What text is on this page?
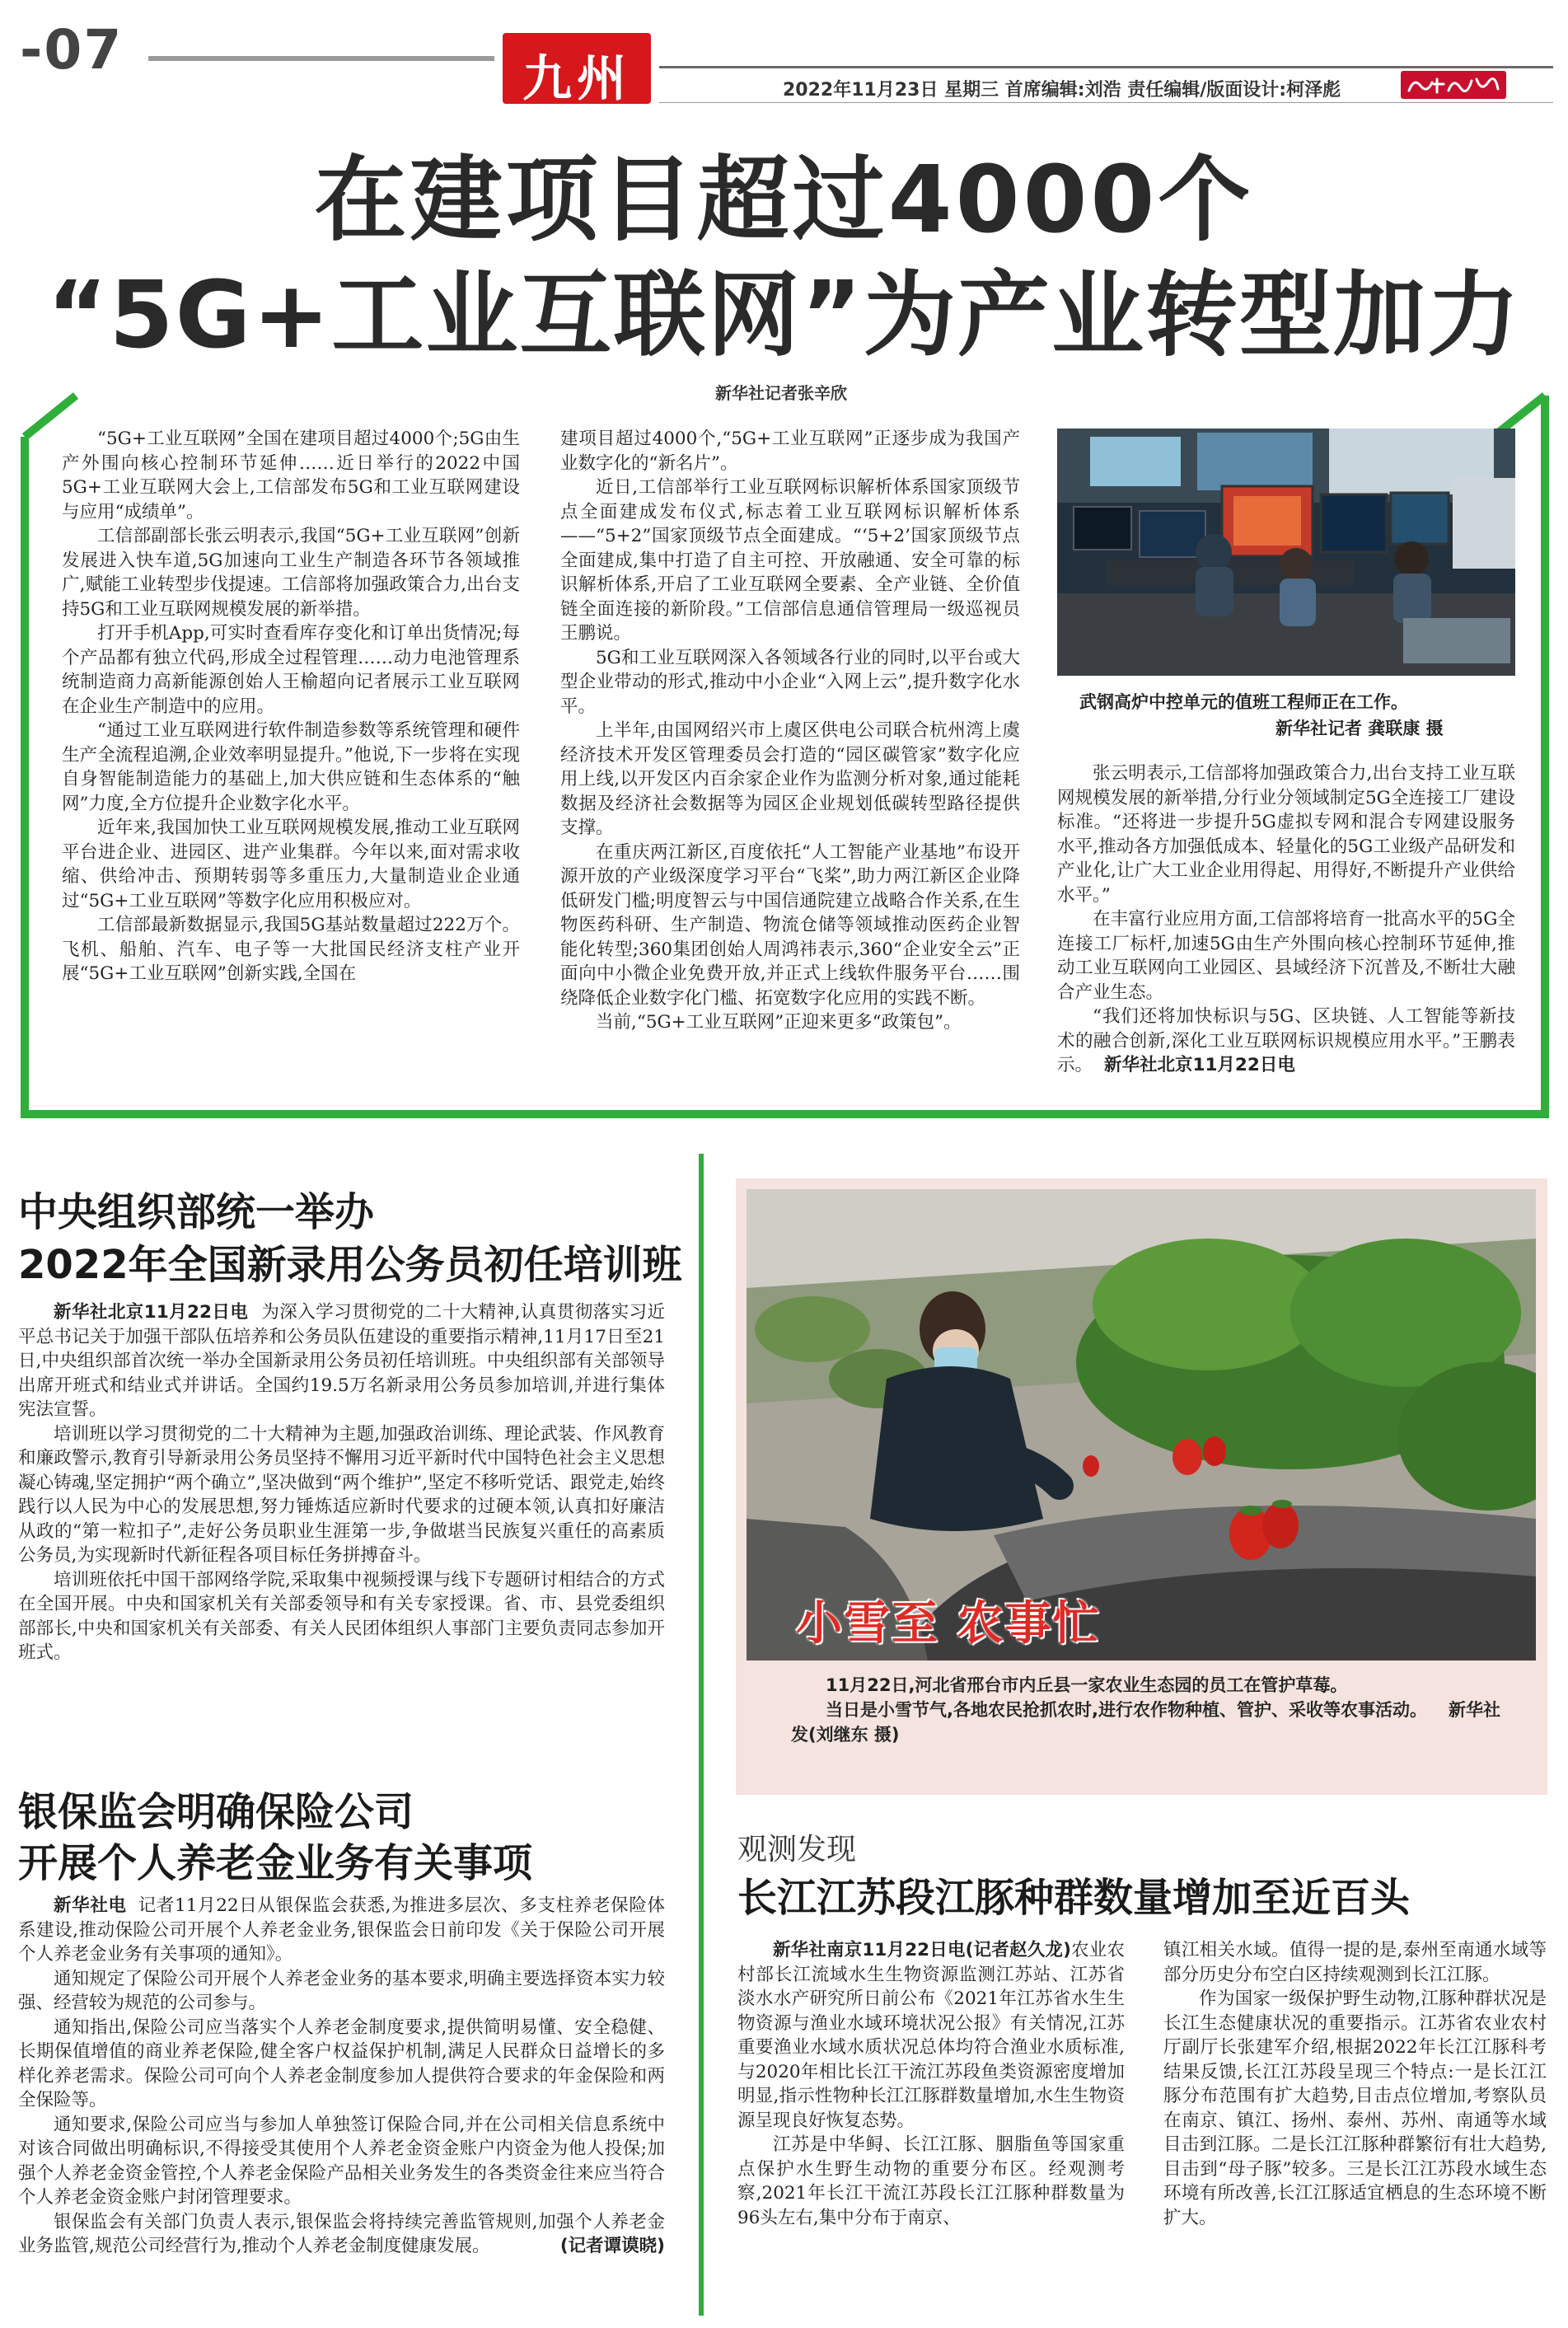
-07	九州	2022年11月23日 星期三 首席编辑:刘浩 责任编辑/版面设计:柯泽彪
在建项目超过4000个
“5G+工业互联网”为产业转型加力
新华社记者张辛欣

“5G+工业互联网”全国在建项目超过4000个;5G由生产外围向核心控制环节延伸……近日举行的2022中国5G+工业互联网大会上,工信部发布5G和工业互联网建设与应用“成绩单”。

工信部副部长张云明表示,我国“5G+工业互联网”创新发展进入快车道,5G加速向工业生产制造各环节各领域推广,赋能工业转型步伐提速。工信部将加强政策合力,出台支持5G和工业互联网规模发展的新举措。

打开手机App,可实时查看库存变化和订单出货情况;每个产品都有独立代码,形成全过程管理……动力电池管理系统制造商力高新能源创始人王榆超向记者展示工业互联网在企业生产制造中的应用。

“通过工业互联网进行软件制造参数等系统管理和硬件生产全流程追溯,企业效率明显提升。”他说,下一步将在实现自身智能制造能力的基础上,加大供应链和生态体系的“触网”力度,全方位提升企业数字化水平。

近年来,我国加快工业互联网规模发展,推动工业互联网平台进企业、进园区、进产业集群。今年以来,面对需求收缩、供给冲击、预期转弱等多重压力,大量制造业企业通过“5G+工业互联网”等数字化应用积极应对。

工信部最新数据显示,我国5G基站数量超过222万个。飞机、船舶、汽车、电子等一大批国民经济支柱产业开展“5G+工业互联网”创新实践,全国在

建项目超过4000个,“5G+工业互联网”正逐步成为我国产业数字化的“新名片”。

近日,工信部举行工业互联网标识解析体系国家顶级节点全面建成发布仪式,标志着工业互联网标识解析体系——“5+2”国家顶级节点全面建成。“‘5+2’国家顶级节点全面建成,集中打造了自主可控、开放融通、安全可靠的标识解析体系,开启了工业互联网全要素、全产业链、全价值链全面连接的新阶段。”工信部信息通信管理局一级巡视员王鹏说。

5G和工业互联网深入各领域各行业的同时,以平台或大型企业带动的形式,推动中小企业“入网上云”,提升数字化水平。

上半年,由国网绍兴市上虞区供电公司联合杭州湾上虞经济技术开发区管理委员会打造的“园区碳管家”数字化应用上线,以开发区内百余家企业作为监测分析对象,通过能耗数据及经济社会数据等为园区企业规划低碳转型路径提供支撑。

在重庆两江新区,百度依托“人工智能产业基地”布设开源开放的产业级深度学习平台“飞桨”,助力两江新区企业降低研发门槛;明度智云与中国信通院建立战略合作关系,在生物医药科研、生产制造、物流仓储等领域推动医药企业智能化转型;360集团创始人周鸿祎表示,360“企业安全云”正面向中小微企业免费开放,并正式上线软件服务平台……围绕降低企业数字化门槛、拓宽数字化应用的实践不断。

当前,“5G+工业互联网”正迎来更多“政策包”。

武钢高炉中控单元的值班工程师正在工作。
新华社记者 龚联康 摄

张云明表示,工信部将加强政策合力,出台支持工业互联网规模发展的新举措,分行业分领域制定5G全连接工厂建设标准。“还将进一步提升5G虚拟专网和混合专网建设服务水平,推动各方加强低成本、轻量化的5G工业级产品研发和产业化,让广大工业企业用得起、用得好,不断提升产业供给水平。”

在丰富行业应用方面,工信部将培育一批高水平的5G全连接工厂标杆,加速5G由生产外围向核心控制环节延伸,推动工业互联网向工业园区、县域经济下沉普及,不断壮大融合产业生态。

“我们还将加快标识与5G、区块链、人工智能等新技术的融合创新,深化工业互联网标识规模应用水平。”王鹏表示。 新华社北京11月22日电

中央组织部统一举办
2022年全国新录用公务员初任培训班

新华社北京11月22日电 为深入学习贯彻党的二十大精神,认真贯彻落实习近平总书记关于加强干部队伍培养和公务员队伍建设的重要指示精神,11月17日至21日,中央组织部首次统一举办全国新录用公务员初任培训班。中央组织部有关部领导出席开班式和结业式并讲话。全国约19.5万名新录用公务员参加培训,并进行集体宪法宣誓。

培训班以学习贯彻党的二十大精神为主题,加强政治训练、理论武装、作风教育和廉政警示,教育引导新录用公务员坚持不懈用习近平新时代中国特色社会主义思想凝心铸魂,坚定拥护“两个确立”,坚决做到“两个维护”,坚定不移听党话、跟党走,始终践行以人民为中心的发展思想,努力锤炼适应新时代要求的过硬本领,认真扣好廉洁从政的“第一粒扣子”,走好公务员职业生涯第一步,争做堪当民族复兴重任的高素质公务员,为实现新时代新征程各项目标任务拼搏奋斗。

培训班依托中国干部网络学院,采取集中视频授课与线下专题研讨相结合的方式在全国开展。中央和国家机关有关部委领导和有关专家授课。省、市、县党委组织部部长,中央和国家机关有关部委、有关人民团体组织人事部门主要负责同志参加开班式。

小雪至 农事忙

11月22日,河北省邢台市内丘县一家农业生态园的员工在管护草莓。

当日是小雪节气,各地农民抢抓农时,进行农作物种植、管护、采收等农事活动。 新华社发(刘继东 摄)

银保监会明确保险公司
开展个人养老金业务有关事项

新华社电 记者11月22日从银保监会获悉,为推进多层次、多支柱养老保险体系建设,推动保险公司开展个人养老金业务,银保监会日前印发《关于保险公司开展个人养老金业务有关事项的通知》。

通知规定了保险公司开展个人养老金业务的基本要求,明确主要选择资本实力较强、经营较为规范的公司参与。

通知指出,保险公司应当落实个人养老金制度要求,提供简明易懂、安全稳健、长期保值增值的商业养老保险,健全客户权益保护机制,满足人民群众日益增长的多样化养老需求。保险公司可向个人养老金制度参加人提供符合要求的年金保险和两全保险等。

通知要求,保险公司应当与参加人单独签订保险合同,并在公司相关信息系统中对该合同做出明确标识,不得接受其使用个人养老金资金账户内资金为他人投保;加强个人养老金资金管控,个人养老金保险产品相关业务发生的各类资金往来应当符合个人养老金资金账户封闭管理要求。

银保监会有关部门负责人表示,银保监会将持续完善监管规则,加强个人养老金业务监管,规范公司经营行为,推动个人养老金制度健康发展。	(记者谭谟晓)

观测发现
长江江苏段江豚种群数量增加至近百头

新华社南京11月22日电(记者赵久龙)农业农村部长江流域水生生物资源监测江苏站、江苏省淡水水产研究所日前公布《2021年江苏省水生生物资源与渔业水域环境状况公报》有关情况,江苏重要渔业水域水质状况总体均符合渔业水质标准,与2020年相比长江干流江苏段鱼类资源密度增加明显,指示性物种长江江豚群数量增加,水生生物资源呈现良好恢复态势。

江苏是中华鲟、长江江豚、胭脂鱼等国家重点保护水生野生动物的重要分布区。经观测考察,2021年长江干流江苏段长江江豚种群数量为96头左右,集中分布于南京、

镇江相关水域。值得一提的是,泰州至南通水域等部分历史分布空白区持续观测到长江江豚。

作为国家一级保护野生动物,江豚种群状况是长江生态健康状况的重要指示。江苏省农业农村厅副厅长张建军介绍,根据2022年长江江豚科考结果反馈,长江江苏段呈现三个特点:一是长江江豚分布范围有扩大趋势,目击点位增加,考察队员在南京、镇江、扬州、泰州、苏州、南通等水域目击到江豚。二是长江江豚种群繁衍有壮大趋势,目击到“母子豚”较多。三是长江江苏段水域生态环境有所改善,长江江豚适宜栖息的生态环境不断扩大。
